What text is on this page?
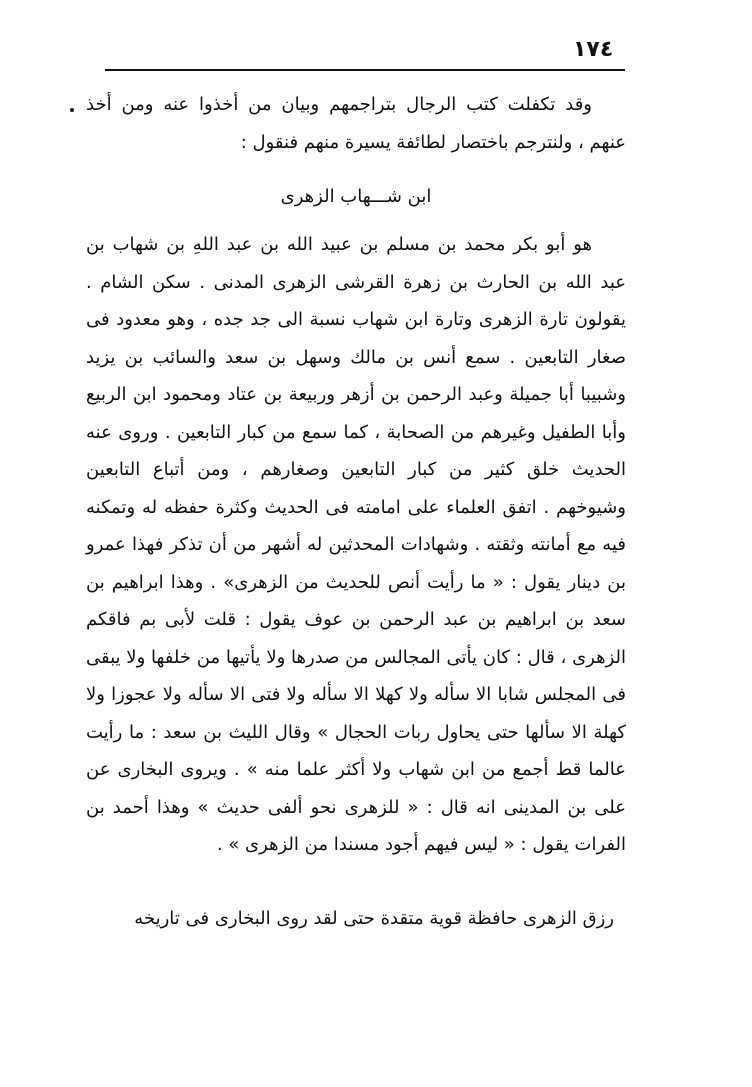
١٧٤

وقد تكفلت كتب الرجال بتراجمهم وبيان من أخذوا عنه ومن أخذ عنهم ، ولنترجم باختصار لطائفة يسيرة منهم فنقول :

ابن شـــهاب الزهرى

هو أبو بكر محمد بن مسلم بن عبيد الله بن عبد اللهِ بن شهاب بن عبد الله بن الحارث بن زهرة القرشى الزهرى المدنى . سكن الشام . يقولون تارة الزهرى وتارة ابن شهاب نسبة الى جد جده ، وهو معدود فى صغار التابعين . سمع أنس بن مالك وسهل بن سعد والسائب بن يزيد وشبيبا أبا جميلة وعبد الرحمن بن أزهر وربيعة بن عتاد ومحمود ابن الربيع وأبا الطفيل وغيرهم من الصحابة ، كما سمع من كبار التابعين . وروى عنه الحديث خلق كثير من كبار التابعين وصغارهم ، ومن أتباع التابعين وشيوخهم . اتفق العلماء على امامته فى الحديث وكثرة حفظه له وتمكنه فيه مع أمانته وثقته . وشهادات المحدثين له أشهر من أن تذكر فهذا عمرو بن دينار يقول : « ما رأيت أنص للحديث من الزهرى» . وهذا ابراهيم بن سعد بن ابراهيم بن عبد الرحمن بن عوف يقول : قلت لأبى بم فاقكم الزهرى ، قال : كان يأتى المجالس من صدرها ولا يأتيها من خلفها ولا يبقى فى المجلس شابا الا سأله ولا كهلا الا سأله ولا فتى الا سأله ولا عجوزا ولا كهلة الا سألها حتى يحاول ربات الحجال » وقال الليث بن سعد : ما رأيت عالما قط أجمع من ابن شهاب ولا أكثر علما منه » . ويروى البخارى عن على بن المدينى انه قال : « للزهرى نحو ألفى حديث » وهذا أحمد بن الفرات يقول : « ليس فيهم أجود مسندا من الزهرى » .

رزق الزهرى حافظة قوية متقدة حتى لقد روى البخارى فى تاريخه
